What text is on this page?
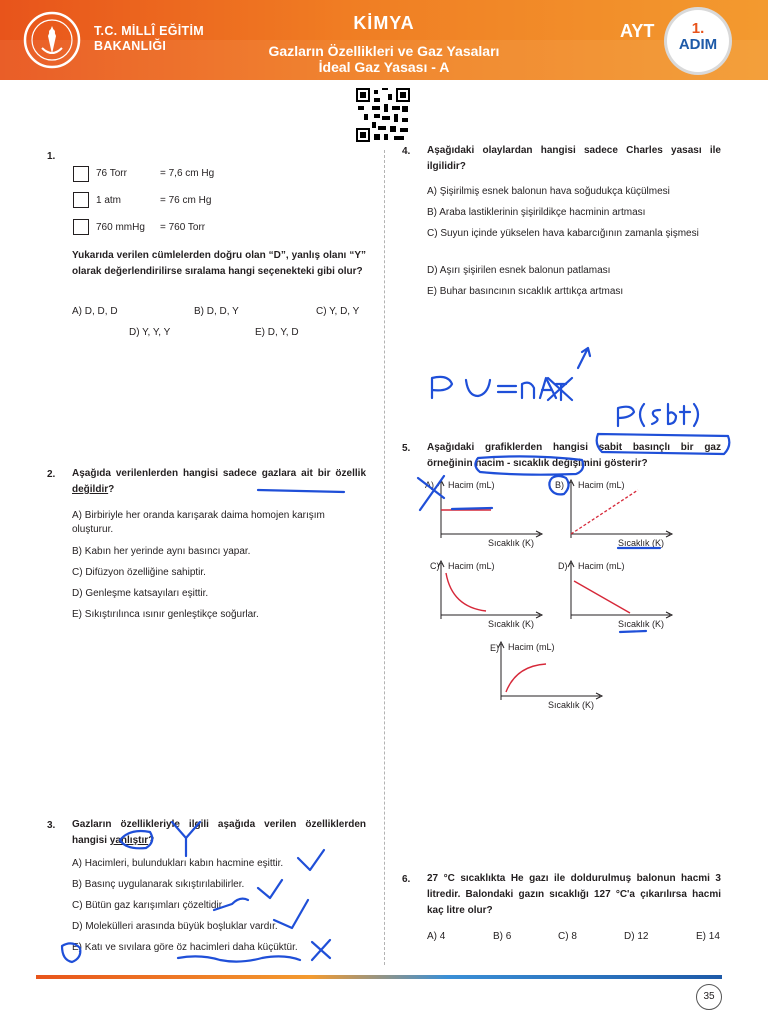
T.C. MİLLÎ EĞİTİM
BAKANLIĞI
KİMYA
Gazların Özellikleri ve Gaz Yasaları
İdeal Gaz Yasası - A
AYT	1.
ADIM
1.
76 Torr	= 7,6 cm Hg
1 atm	= 76 cm Hg
760 mmHg = 760 Torr
Yukarıda verilen cümlelerden doğru olan “D”, yanlış olanı “Y” olarak değerlendirilirse sıralama hangi seçenekteki gibi olur?
A) D, D, D	B) D, D, Y	C) Y, D, Y
D) Y, Y, Y	E) D, Y, D
2. Aşağıda verilenlerden hangisi sadece gazlara ait bir özellik değildir?
A) Birbiriyle her oranda karışarak daima homojen karışım oluşturur.
B) Kabın her yerinde aynı basıncı yapar.
C) Difüzyon özelliğine sahiptir.
D) Genleşme katsayıları eşittir.
E) Sıkıştırılınca ısınır genleştikçe soğurlar.
3. Gazların özellikleriyle ilgili aşağıda verilen özelliklerden hangisi yanlıştır?
A) Hacimleri, bulundukları kabın hacmine eşittir.
B) Basınç uygulanarak sıkıştırılabilirler.
C) Bütün gaz karışımları çözeltidir.
D) Molekülleri arasında büyük boşluklar vardır.
E) Katı ve sıvılara göre öz hacimleri daha küçüktür.
4. Aşağıdaki olaylardan hangisi sadece Charles yasası ile ilgilidir?
A) Şişirilmiş esnek balonun hava soğudukça küçülmesi
B) Araba lastiklerinin şişirildikçe hacminin artması
C) Suyun içinde yükselen hava kabarcığının zamanla şişmesi
D) Aşırı şişirilen esnek balonun patlaması
E) Buhar basıncının sıcaklık arttıkça artması
5. Aşağıdaki grafiklerden hangisi sabit basınçlı bir gaz örneğinin hacim - sıcaklık değişimini gösterir?
A) Hacim (mL)
Sıcaklık (K)
B) Hacim (mL)
Sıcaklık (K)
C) Hacim (mL)
Sıcaklık (K)
D) Hacim (mL)
Sıcaklık (K)
E) Hacim (mL)
Sıcaklık (K)
6. 27 °C sıcaklıkta He gazı ile doldurulmuş balonun hacmi 3 litredir. Balondaki gazın sıcaklığı 127 °C'a çıkarılırsa hacmi kaç litre olur?
A) 4	B) 6	C) 8	D) 12	E) 14
35
